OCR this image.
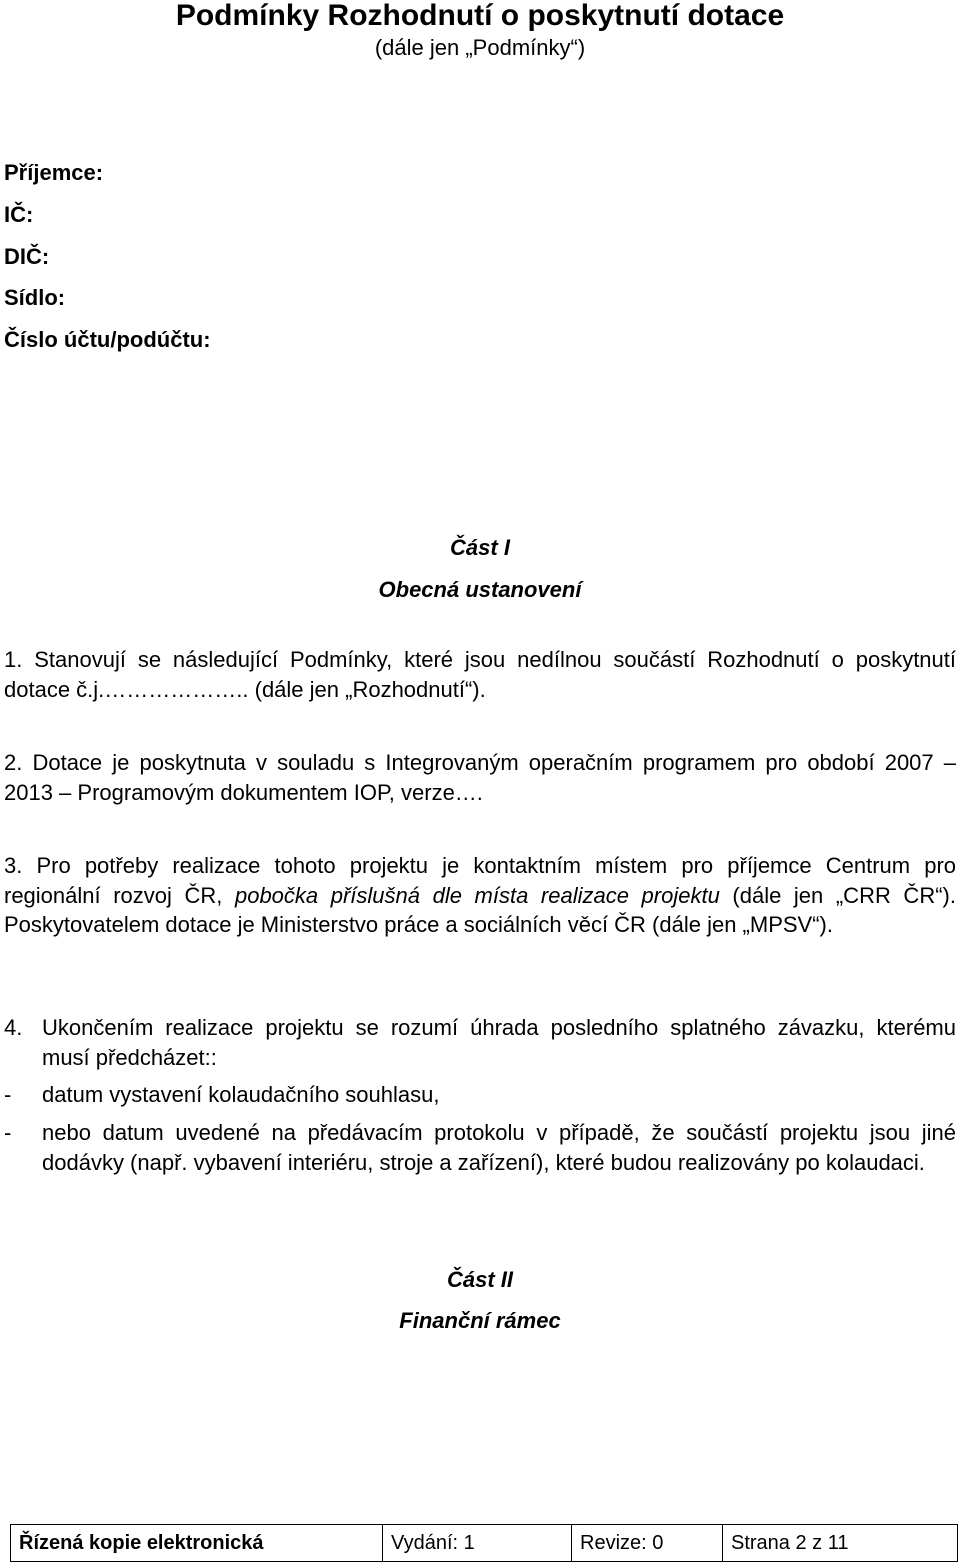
Podmínky Rozhodnutí o poskytnutí dotace
(dále jen „Podmínky“)
Příjemce:
IČ:
DIČ:
Sídlo:
Číslo účtu/podúčtu:
Část I
Obecná ustanovení
1. Stanovují se následující Podmínky, které jsou nedílnou součástí Rozhodnutí o poskytnutí dotace č.j.……………….. (dále jen „Rozhodnutí“).
2. Dotace je poskytnuta v souladu s Integrovaným operačním programem pro období 2007 – 2013 – Programovým dokumentem IOP, verze….
3. Pro potřeby realizace tohoto projektu je kontaktním místem pro příjemce Centrum pro regionální rozvoj ČR, pobočka příslušná dle místa realizace projektu (dále jen „CRR ČR“). Poskytovatelem dotace je Ministerstvo práce a sociálních věcí ČR (dále jen „MPSV“).
4. Ukončením realizace projektu se rozumí úhrada posledního splatného závazku, kterému musí předcházet::
- datum vystavení kolaudačního souhlasu,
- nebo datum uvedené na předávacím protokolu v případě, že součástí projektu jsou jiné dodávky (např. vybavení interiéru, stroje a zařízení), které budou realizovány po kolaudaci.
Část II
Finanční rámec
Řízená kopie elektronická	Vydání: 1	Revize: 0	Strana 2 z 11
